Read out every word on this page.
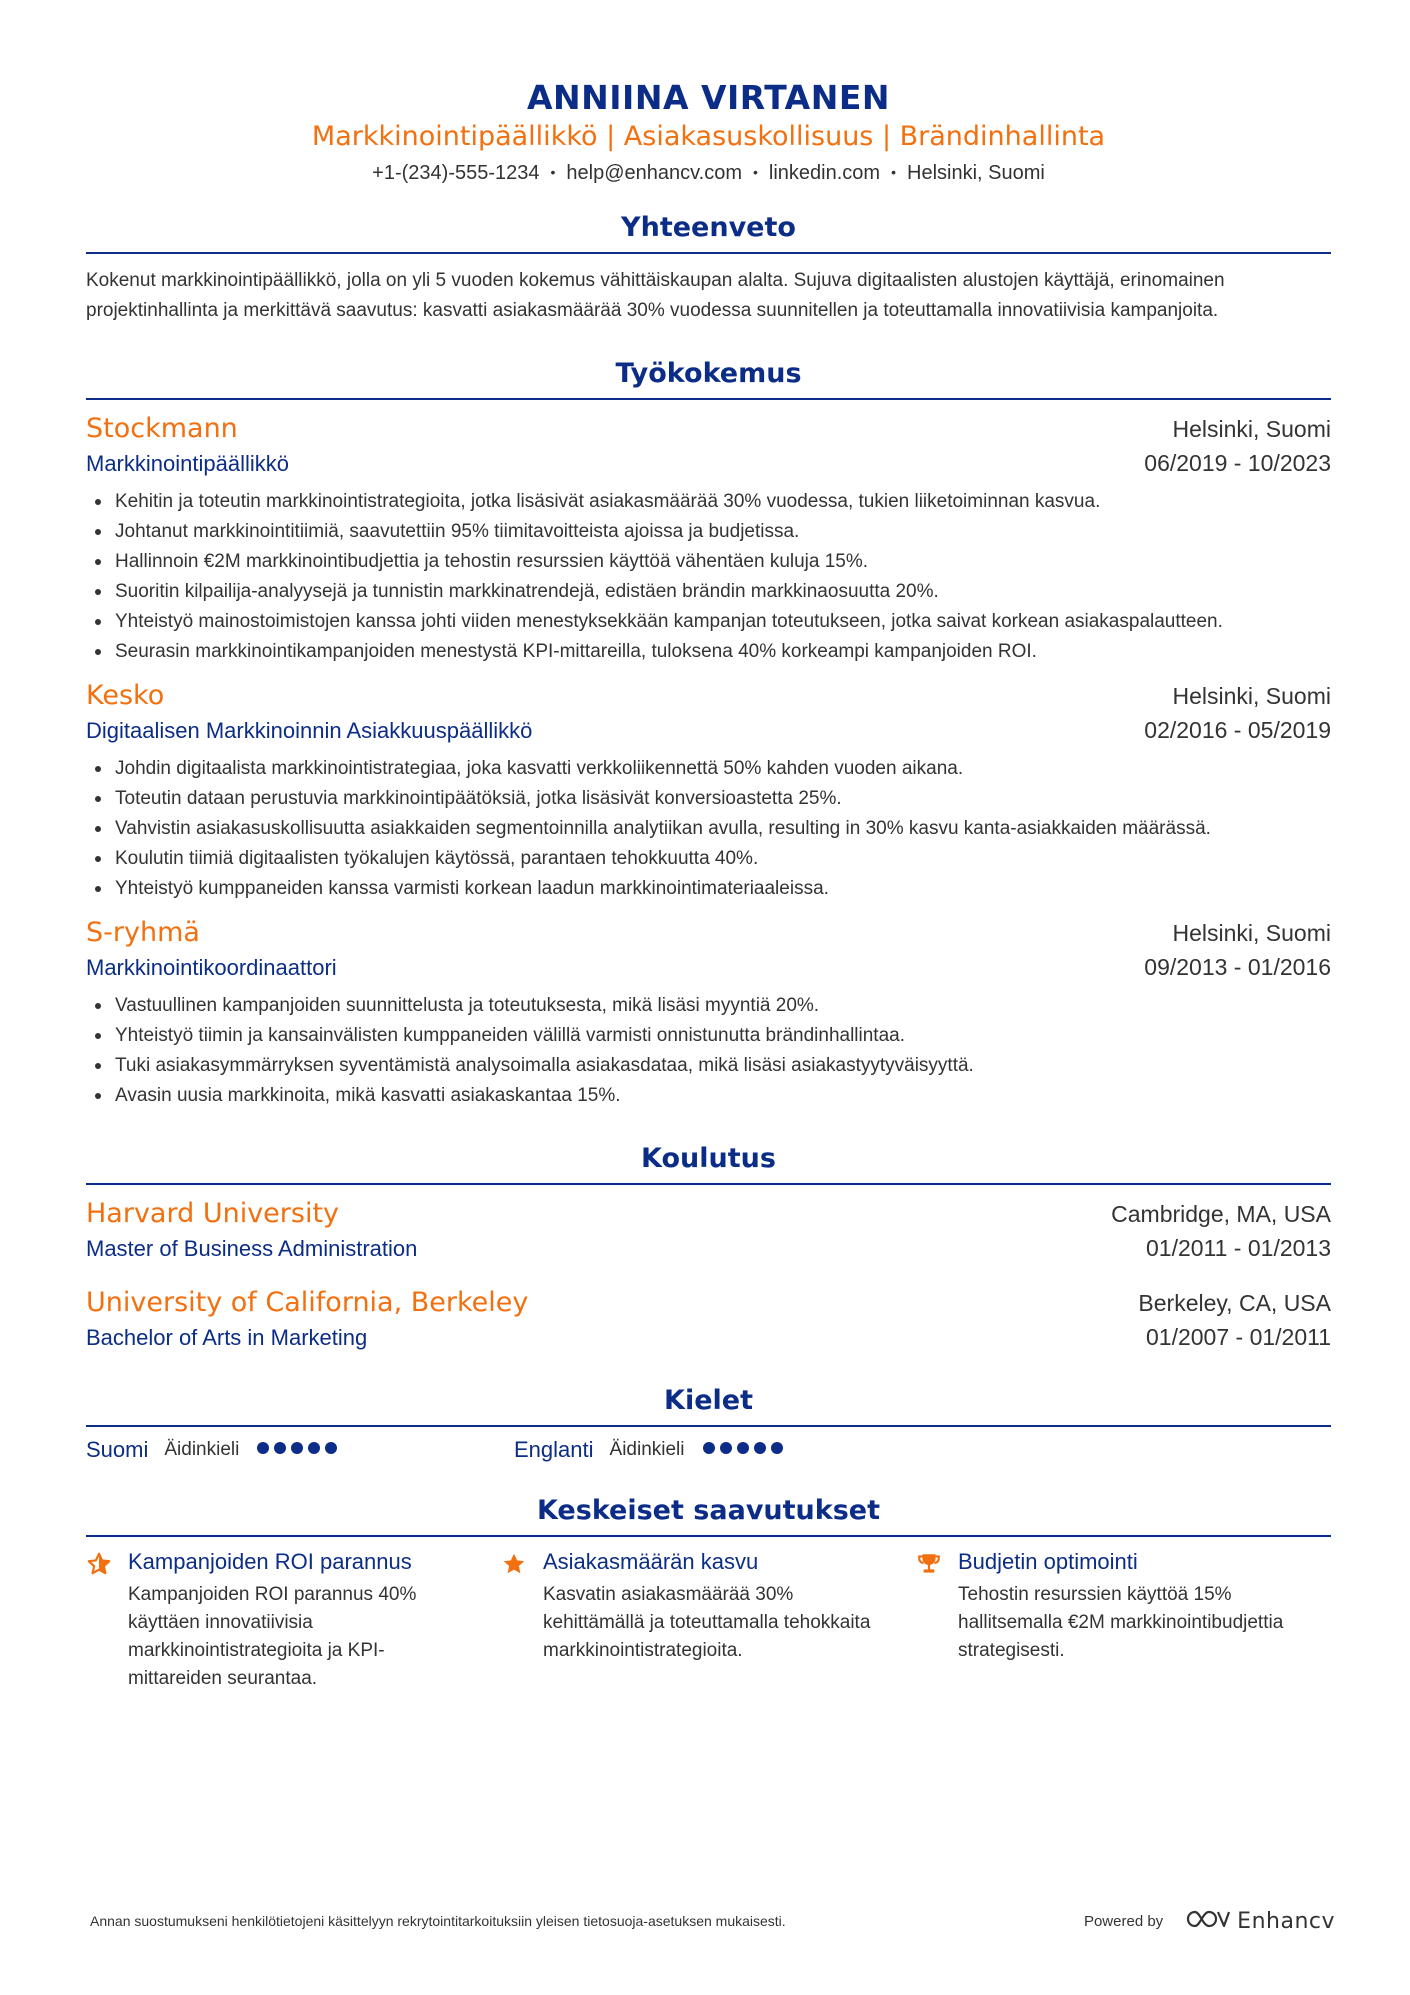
ANNIINA VIRTANEN
Markkinointipäällikkö | Asiakasuskollisuus | Brändinhallinta
+1-(234)-555-1234 • help@enhancv.com • linkedin.com • Helsinki, Suomi
Yhteenveto
Kokenut markkinointipäällikkö, jolla on yli 5 vuoden kokemus vähittäiskaupan alalta. Sujuva digitaalisten alustojen käyttäjä, erinomainen projektinhallinta ja merkittävä saavutus: kasvatti asiakasmäärää 30% vuodessa suunnitellen ja toteuttamalla innovatiivisia kampanjoita.
Työkokemus
Stockmann	Helsinki, Suomi
Markkinointipäällikkö	06/2019 - 10/2023
Kehitin ja toteutin markkinointistrategioita, jotka lisäsivät asiakasmäärää 30% vuodessa, tukien liiketoiminnan kasvua.
Johtanut markkinointitiimiä, saavutettiin 95% tiimitavoitteista ajoissa ja budjetissa.
Hallinnoin €2M markkinointibudjettia ja tehostin resurssien käyttöä vähentäen kuluja 15%.
Suoritin kilpailija-analyysejä ja tunnistin markkinatrendejä, edistäen brändin markkinaosuutta 20%.
Yhteistyö mainostoimistojen kanssa johti viiden menestyksekkään kampanjan toteutukseen, jotka saivat korkean asiakaspalautteen.
Seurasin markkinointikampanjoiden menestystä KPI-mittareilla, tuloksena 40% korkeampi kampanjoiden ROI.
Kesko	Helsinki, Suomi
Digitaalisen Markkinoinnin Asiakkuuspäällikkö	02/2016 - 05/2019
Johdin digitaalista markkinointistrategiaa, joka kasvatti verkkoliikennettä 50% kahden vuoden aikana.
Toteutin dataan perustuvia markkinointipäätöksiä, jotka lisäsivät konversioastetta 25%.
Vahvistin asiakasuskollisuutta asiakkaiden segmentoinnilla analytiikan avulla, resulting in 30% kasvu kanta-asiakkaiden määrässä.
Koulutin tiimiä digitaalisten työkalujen käytössä, parantaen tehokkuutta 40%.
Yhteistyö kumppaneiden kanssa varmisti korkean laadun markkinointimateriaaleissa.
S-ryhmä	Helsinki, Suomi
Markkinointikoordinaattori	09/2013 - 01/2016
Vastuullinen kampanjoiden suunnittelusta ja toteutuksesta, mikä lisäsi myyntiä 20%.
Yhteistyö tiimin ja kansainvälisten kumppaneiden välillä varmisti onnistunutta brändinhallintaa.
Tuki asiakasymmärryksen syventämistä analysoimalla asiakasdataa, mikä lisäsi asiakastyytyväisyyttä.
Avasin uusia markkinoita, mikä kasvatti asiakaskantaa 15%.
Koulutus
Harvard University	Cambridge, MA, USA
Master of Business Administration	01/2011 - 01/2013
University of California, Berkeley	Berkeley, CA, USA
Bachelor of Arts in Marketing	01/2007 - 01/2011
Kielet
Suomi Äidinkieli	Englanti Äidinkieli
Keskeiset saavutukset
Kampanjoiden ROI parannus
Kampanjoiden ROI parannus 40% käyttäen innovatiivisia markkinointistrategioita ja KPI-mittareiden seurantaa.
Asiakasmäärän kasvu
Kasvatin asiakasmäärää 30% kehittämällä ja toteuttamalla tehokkaita markkinointistrategioita.
Budjetin optimointi
Tehostin resurssien käyttöä 15% hallitsemalla €2M markkinointibudjettia strategisesti.
Annan suostumukseni henkilötietojeni käsittelyyn rekrytointitarkoituksiin yleisen tietosuoja-asetuksen mukaisesti.	Powered by	Enhancv
